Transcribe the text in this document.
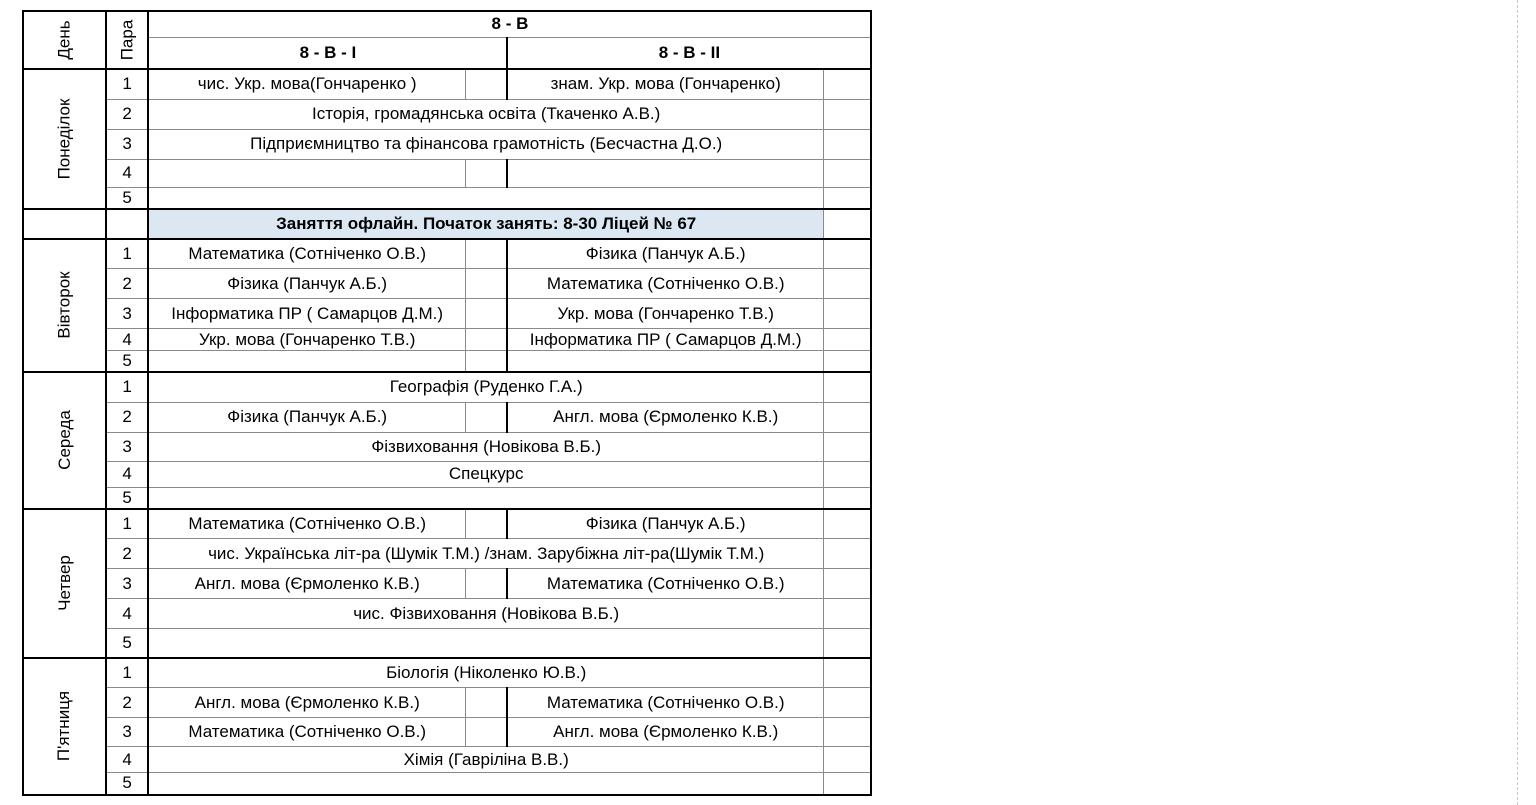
День	Пара	8 - В			
		8 - В - I		8 - В - II	
Понеділок	1	чис. Укр. мова(Гончаренко )		знам. Укр. мова (Гончаренко)	
	2	Історія, громадянська освіта (Ткаченко А.В.)			
	3	Підприємництво та фінансова грамотність (Бесчастна Д.О.)			
	4				
	5				
		Заняття офлайн. Початок занять: 8-30 Ліцей № 67			
Вівторок	1	Математика (Сотніченко О.В.)		Фізика (Панчук А.Б.)	
	2	Фізика (Панчук А.Б.)		Математика (Сотніченко О.В.)	
	3	Інформатика ПР ( Самарцов Д.М.)		Укр. мова (Гончаренко Т.В.)	
	4	Укр. мова (Гончаренко Т.В.)		Інформатика ПР ( Самарцов Д.М.)	
	5				
Середа	1	Географія (Руденко Г.А.)			
	2	Фізика (Панчук А.Б.)		Англ. мова (Єрмоленко К.В.)	
	3	Фізвиховання (Новікова В.Б.)			
	4	Спецкурс			
	5				
Четвер	1	Математика (Сотніченко О.В.)		Фізика (Панчук А.Б.)	
	2	чис. Українська літ-ра (Шумік Т.М.) /знам. Зарубіжна літ-ра(Шумік Т.М.)			
	3	Англ. мова (Єрмоленко К.В.)		Математика (Сотніченко О.В.)	
	4	чис. Фізвиховання (Новікова В.Б.)			
	5				
П'ятниця	1	Біологія (Ніколенко Ю.В.)			
	2	Англ. мова (Єрмоленко К.В.)		Математика (Сотніченко О.В.)	
	3	Математика (Сотніченко О.В.)		Англ. мова (Єрмоленко К.В.)	
	4	Хімія (Гаврілiна В.В.)			
	5				
